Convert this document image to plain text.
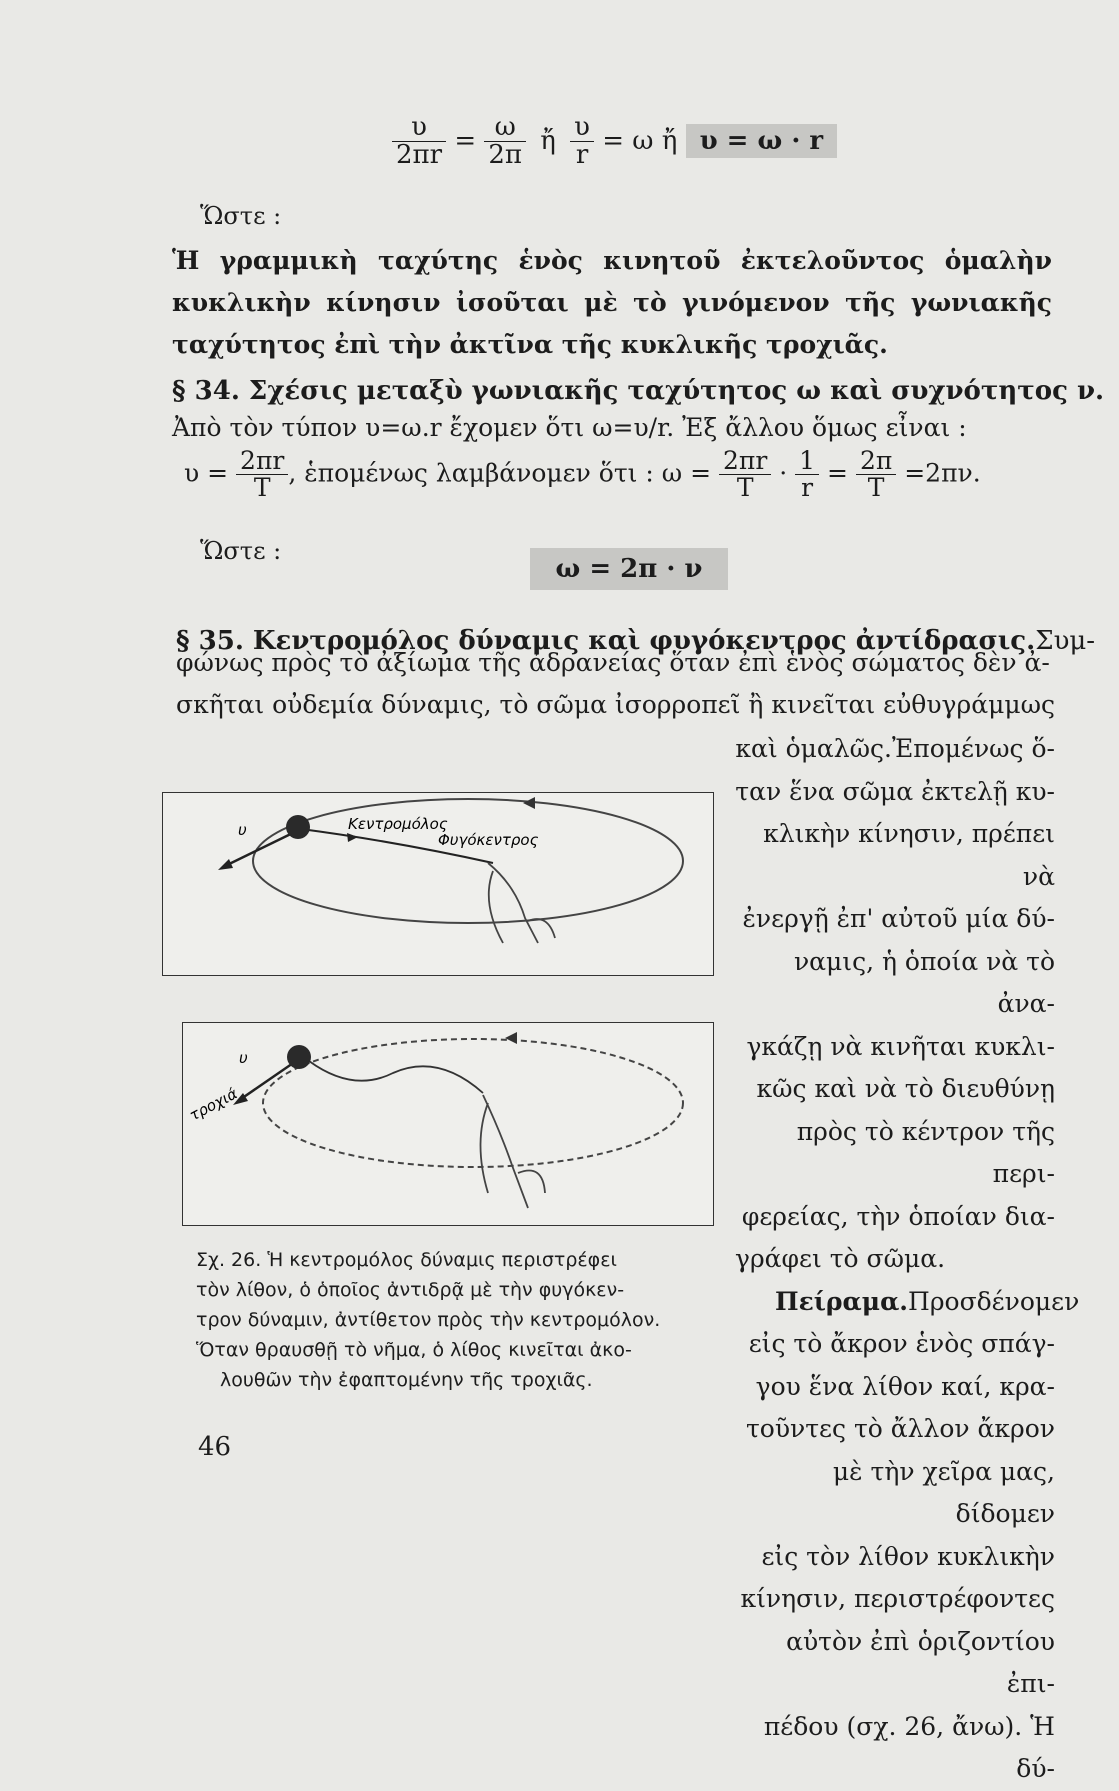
$\frac{\upsilon}{2\pi r} = \frac{\omega}{2\pi}$ ἤ $\frac{\upsilon}{r} = \omega$ ἤ υ = ω · r
Ὥστε :
Ἡ γραμμικὴ ταχύτης ἑνὸς κινητοῦ ἐκτελοῦντος ὁμαλὴν κυκλικὴν κίνησιν ἰσοῦται μὲ τὸ γινόμενον τῆς γωνιακῆς ταχύτητος ἐπὶ τὴν ἀκτῖνα τῆς κυκλικῆς τροχιᾶς.
§ 34. Σχέσις μεταξὺ γωνιακῆς ταχύτητος ω καὶ συχνότητος ν.
Ἀπὸ τὸν τύπον υ=ω.r ἔχομεν ὅτι ω=υ/r. Ἐξ ἄλλου ὅμως εἶναι :
$\upsilon = \frac{2\pi r}{T}$ , ἑπομένως λαμβάνομεν ὅτι : $\omega = \frac{2\pi r}{T} \cdot \frac{1}{r} = \frac{2\pi}{T} =2\pi\nu$.
Ὥστε :
ω = 2π · ν
§ 35. Κεντρομόλος δύναμις καὶ φυγόκεντρος ἀντίδρασις.Συμ-
φώνως πρὸς τὸ ἀξίωμα τῆς ἀδρανείας ὅταν ἐπὶ ἑνὸς σώματος δὲν ἀ-
σκῆται οὐδεμία δύναμις, τὸ σῶμα ἰσορροπεῖ ἢ κινεῖται εὐθυγράμμως
καὶ ὁμαλῶς.Ἐπομένως ὅ-
ταν ἕνα σῶμα ἐκτελῇ κυ-
κλικὴν κίνησιν, πρέπει νὰ
ἐνεργῇ ἐπ' αὐτοῦ μία δύ-
ναμις, ἡ ὁποία νὰ τὸ ἀνα-
γκάζῃ νὰ κινῆται κυκλι-
κῶς καὶ νὰ τὸ διευθύνῃ
πρὸς τὸ κέντρον τῆς περι-
φερείας, τὴν ὁποίαν δια-
γράφει τὸ σῶμα.
Πείραμα.Προσδένομεν
εἰς τὸ ἄκρον ἑνὸς σπάγ-
γου ἕνα λίθον καί, κρα-
τοῦντες τὸ ἄλλον ἄκρον
μὲ τὴν χεῖρα μας, δίδομεν
εἰς τὸν λίθον κυκλικὴν
κίνησιν, περιστρέφοντες
αὐτὸν ἐπὶ ὁριζοντίου ἐπι-
πέδου (σχ. 26, ἄνω). Ἡ δύ-
υ	Κεντρομόλος
Φυγόκεντρος
υ
τροχιά
Σχ. 26. Ἡ κεντρομόλος δύναμις περιστρέφει
τὸν λίθον, ὁ ὁποῖος ἀντιδρᾷ μὲ τὴν φυγόκεν-
τρον δύναμιν, ἀντίθετον πρὸς τὴν κεντρομόλον.
Ὅταν θραυσθῇ τὸ νῆμα, ὁ λίθος κινεῖται ἀκο-
λουθῶν τὴν ἐφαπτομένην τῆς τροχιᾶς.
46
